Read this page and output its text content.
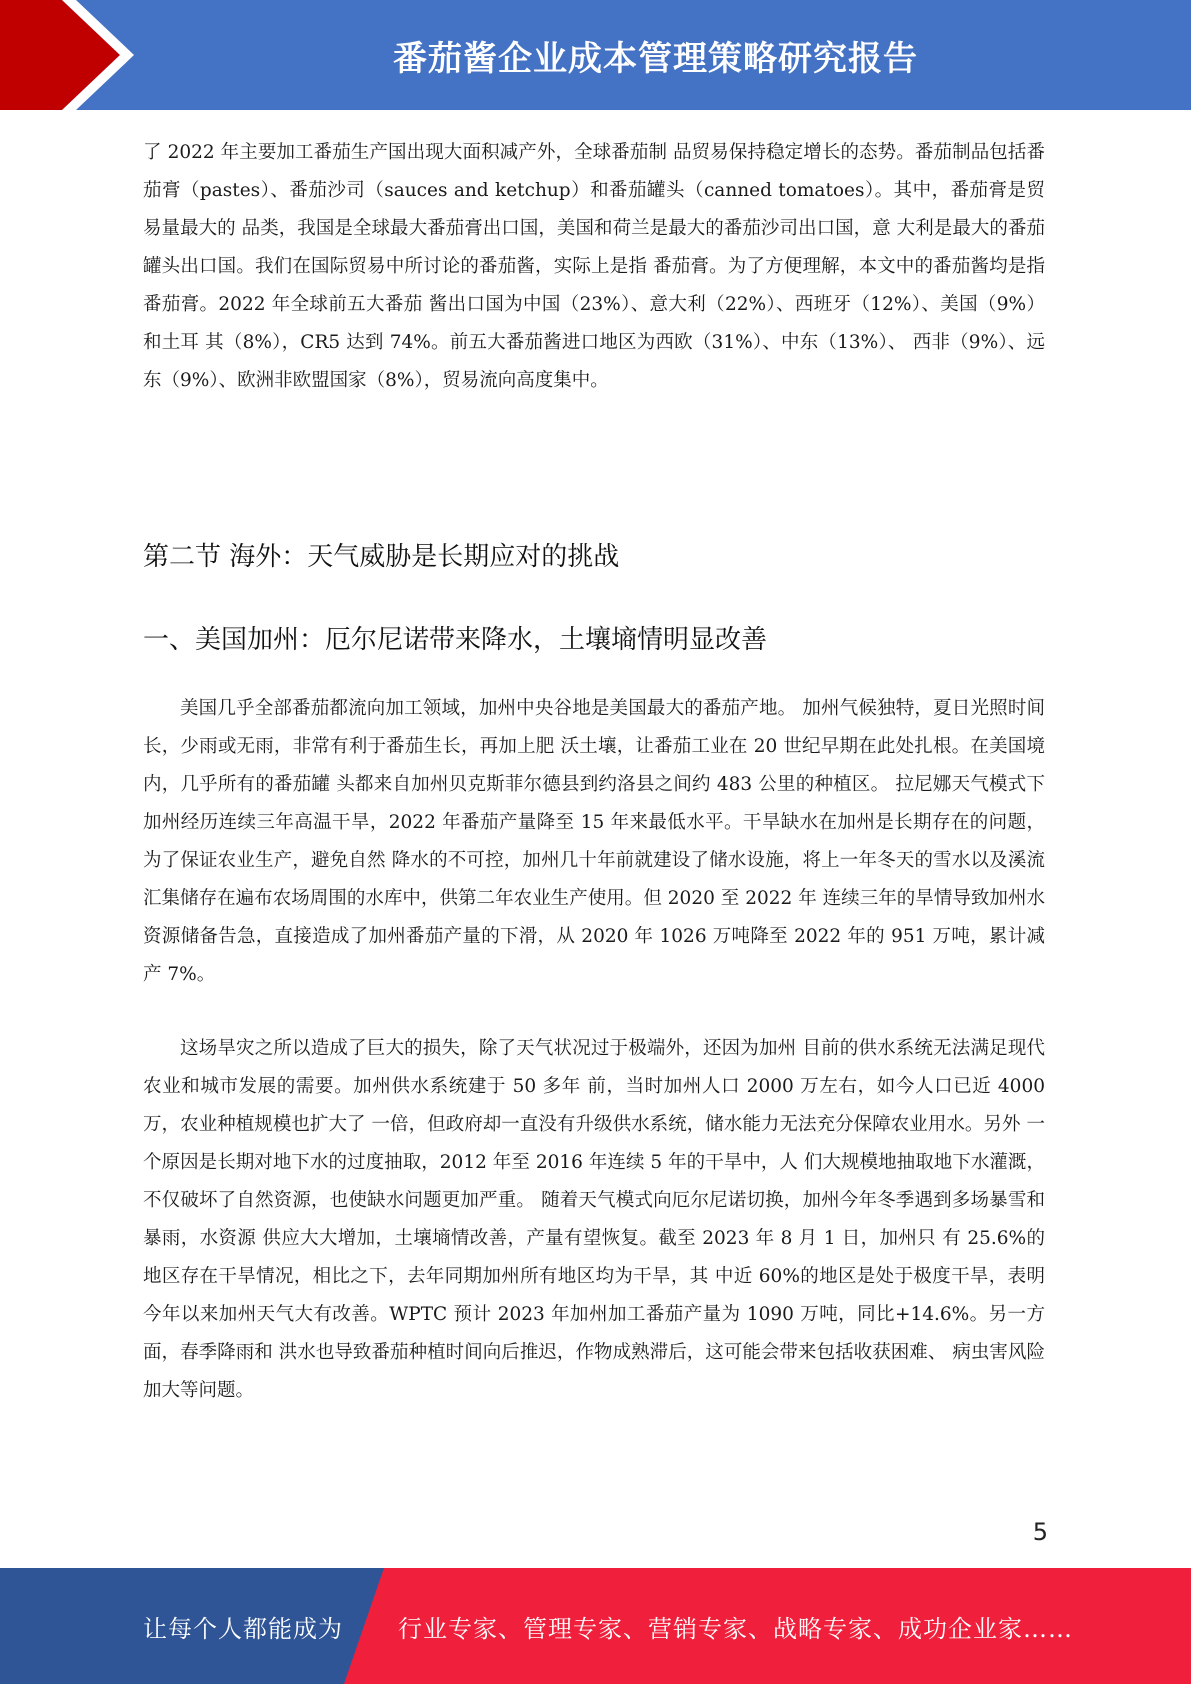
番茄酱企业成本管理策略研究报告

了 2022 年主要加工番茄生产国出现大面积减产外，全球番茄制 品贸易保持稳定增长的态势。番茄制品包括番茄膏（pastes）、番茄沙司（sauces and ketchup）和番茄罐头（canned tomatoes）。其中，番茄膏是贸易量最大的 品类，我国是全球最大番茄膏出口国，美国和荷兰是最大的番茄沙司出口国，意 大利是最大的番茄罐头出口国。我们在国际贸易中所讨论的番茄酱，实际上是指 番茄膏。为了方便理解，本文中的番茄酱均是指番茄膏。2022 年全球前五大番茄 酱出口国为中国（23%）、意大利（22%）、西班牙（12%）、美国（9%）和土耳 其（8%），CR5 达到 74%。前五大番茄酱进口地区为西欧（31%）、中东（13%）、 西非（9%）、远东（9%）、欧洲非欧盟国家（8%），贸易流向高度集中。

第二节 海外：天气威胁是长期应对的挑战
一、美国加州：厄尔尼诺带来降水，土壤墒情明显改善

美国几乎全部番茄都流向加工领域，加州中央谷地是美国最大的番茄产地。 加州气候独特，夏日光照时间长，少雨或无雨，非常有利于番茄生长，再加上肥 沃土壤，让番茄工业在 20 世纪早期在此处扎根。在美国境内，几乎所有的番茄罐 头都来自加州贝克斯菲尔德县到约洛县之间约 483 公里的种植区。 拉尼娜天气模式下加州经历连续三年高温干旱，2022 年番茄产量降至 15 年来最低水平。干旱缺水在加州是长期存在的问题，为了保证农业生产，避免自然 降水的不可控，加州几十年前就建设了储水设施，将上一年冬天的雪水以及溪流 汇集储存在遍布农场周围的水库中，供第二年农业生产使用。但 2020 至 2022 年 连续三年的旱情导致加州水资源储备告急，直接造成了加州番茄产量的下滑，从 2020 年 1026 万吨降至 2022 年的 951 万吨，累计减产 7%。

这场旱灾之所以造成了巨大的损失，除了天气状况过于极端外，还因为加州 目前的供水系统无法满足现代农业和城市发展的需要。加州供水系统建于 50 多年 前，当时加州人口 2000 万左右，如今人口已近 4000 万，农业种植规模也扩大了 一倍，但政府却一直没有升级供水系统，储水能力无法充分保障农业用水。另外 一个原因是长期对地下水的过度抽取，2012 年至 2016 年连续 5 年的干旱中，人 们大规模地抽取地下水灌溉，不仅破坏了自然资源，也使缺水问题更加严重。 随着天气模式向厄尔尼诺切换，加州今年冬季遇到多场暴雪和暴雨，水资源 供应大大增加，土壤墒情改善，产量有望恢复。截至 2023 年 8 月 1 日，加州只 有 25.6%的地区存在干旱情况，相比之下，去年同期加州所有地区均为干旱，其 中近 60%的地区是处于极度干旱，表明今年以来加州天气大有改善。WPTC 预计 2023 年加州加工番茄产量为 1090 万吨，同比+14.6%。另一方面，春季降雨和 洪水也导致番茄种植时间向后推迟，作物成熟滞后，这可能会带来包括收获困难、 病虫害风险加大等问题。

5
让每个人都能成为 行业专家、管理专家、营销专家、战略专家、成功企业家……
